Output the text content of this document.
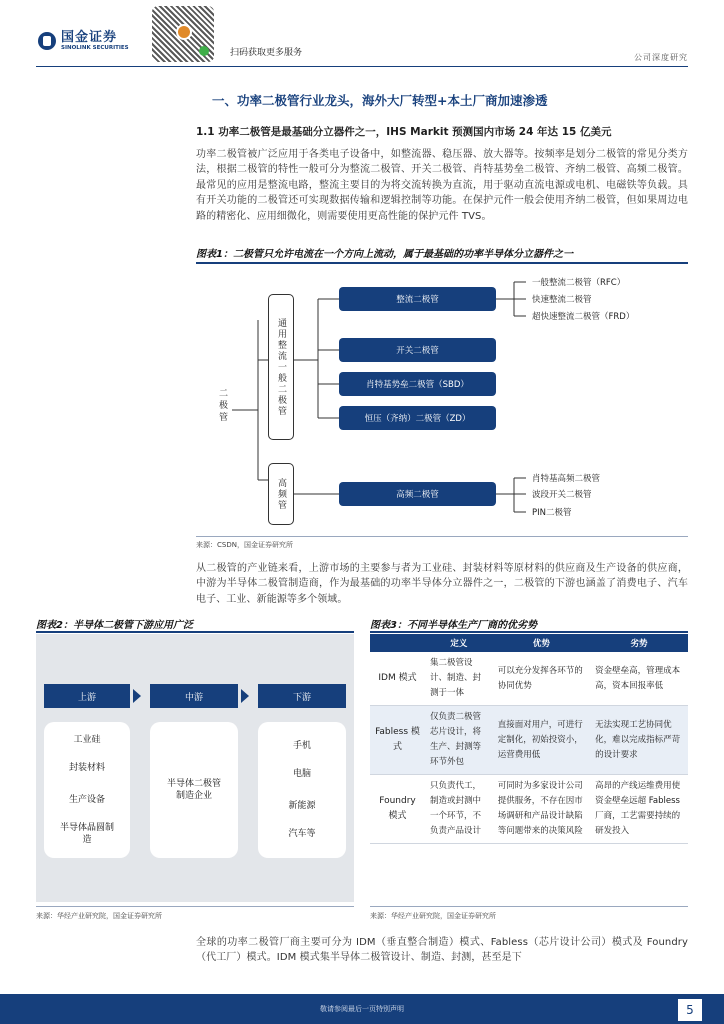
国金证券
SINOLINK SECURITIES
扫码获取更多服务	公司深度研究
一、功率二极管行业龙头，海外大厂转型+本土厂商加速渗透
1.1 功率二极管是最基础分立器件之一，IHS Markit 预测国内市场 24 年达 15 亿美元
功率二极管被广泛应用于各类电子设备中，如整流器、稳压器、放大器等。按频率是划分二极管的常见分类方法，根据二极管的特性一般可分为整流二极管、开关二极管、肖特基势垒二极管、齐纳二极管、高频二极管。最常见的应用是整流电路，整流主要目的为将交流转换为直流，用于驱动直流电源或电机、电磁铁等负载。具有开关功能的二极管还可实现数据传输和逻辑控制等功能。在保护元件一般会使用齐纳二极管，但如果周边电路的精密化、应用细微化，则需要使用更高性能的保护元件 TVS。
图表1：二极管只允许电流在一个方向上流动，属于最基础的功率半导体分立器件之一
二极管	通用整流一般二极管
高频管
整流二极管
开关二极管
肖特基势垒二极管（SBD）
恒压（齐纳）二极管（ZD）
高频二极管
一般整流二极管（RFC）
快速整流二极管
超快速整流二极管（FRD）
肖特基高频二极管
波段开关二极管
PIN二极管
来源：CSDN，国金证券研究所
从二极管的产业链来看，上游市场的主要参与者为工业硅、封装材料等原材料的供应商及生产设备的供应商，中游为半导体二极管制造商，作为最基础的功率半导体分立器件之一，二极管的下游也涵盖了消费电子、汽车电子、工业、新能源等多个领域。
图表2：半导体二极管下游应用广泛	图表3：不同半导体生产厂商的优劣势
上游	中游	下游
工业硅
封装材料
生产设备
半导体晶圆制造
半导体二极管制造企业
手机
电脑
新能源
汽车等
	定义	优势	劣势
IDM 模式	集二极管设计、制造、封测于一体	可以充分发挥各环节的协同优势	资金壁垒高，管理成本高，资本回报率低
Fabless 模式	仅负责二极管芯片设计，将生产、封测等环节外包	直接面对用户，可进行定制化，初始投资小，运营费用低	无法实现工艺协同优化，难以完成指标严苛的设计要求
Foundry 模式	只负责代工，制造或封测中一个环节，不负责产品设计	可同时为多家设计公司提供服务，不存在因市场调研和产品设计缺陷等问题带来的决策风险	高昂的产线运维费用使资金壁垒远超 Fabless 厂商，工艺需要持续的研发投入
来源：华经产业研究院，国金证券研究所	来源：华经产业研究院，国金证券研究所
全球的功率二极管厂商主要可分为 IDM（垂直整合制造）模式、Fabless（芯片设计公司）模式及 Foundry（代工厂）模式。IDM 模式集半导体二极管设计、制造、封测，甚至是下
敬请参阅最后一页特别声明	5
